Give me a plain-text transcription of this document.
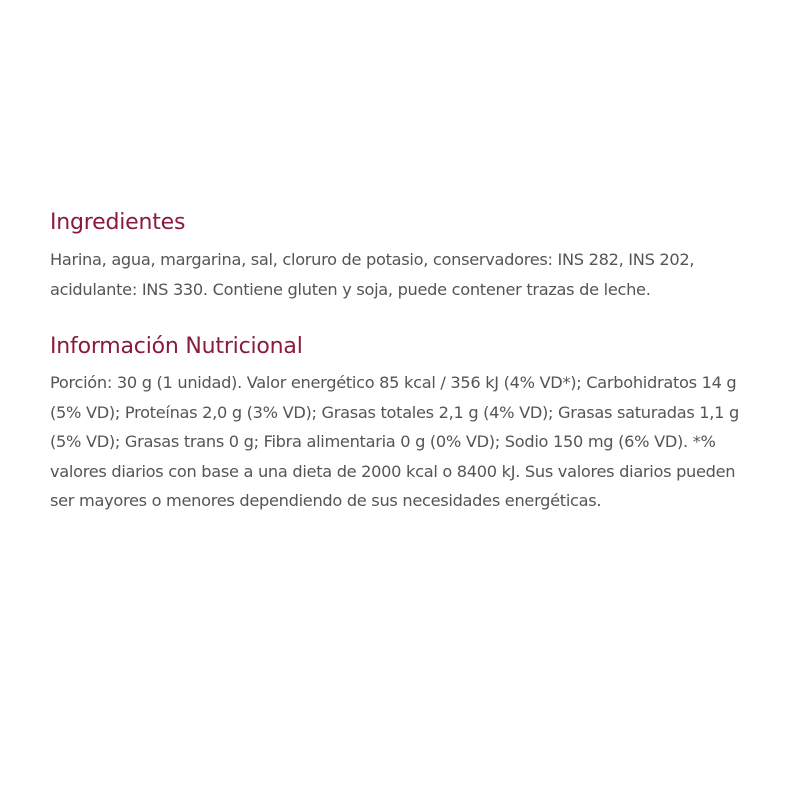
Ingredientes

Harina, agua, margarina, sal, cloruro de potasio, conservadores: INS 282, INS 202, acidulante: INS 330. Contiene gluten y soja, puede contener trazas de leche.

Información Nutricional

Porción: 30 g (1 unidad). Valor energético 85 kcal / 356 kJ (4% VD*); Carbohidratos 14 g (5% VD); Proteínas 2,0 g (3% VD); Grasas totales 2,1 g (4% VD); Grasas saturadas 1,1 g (5% VD); Grasas trans 0 g; Fibra alimentaria 0 g (0% VD); Sodio 150 mg (6% VD). *% valores diarios con base a una dieta de 2000 kcal o 8400 kJ. Sus valores diarios pueden ser mayores o menores dependiendo de sus necesidades energéticas.
